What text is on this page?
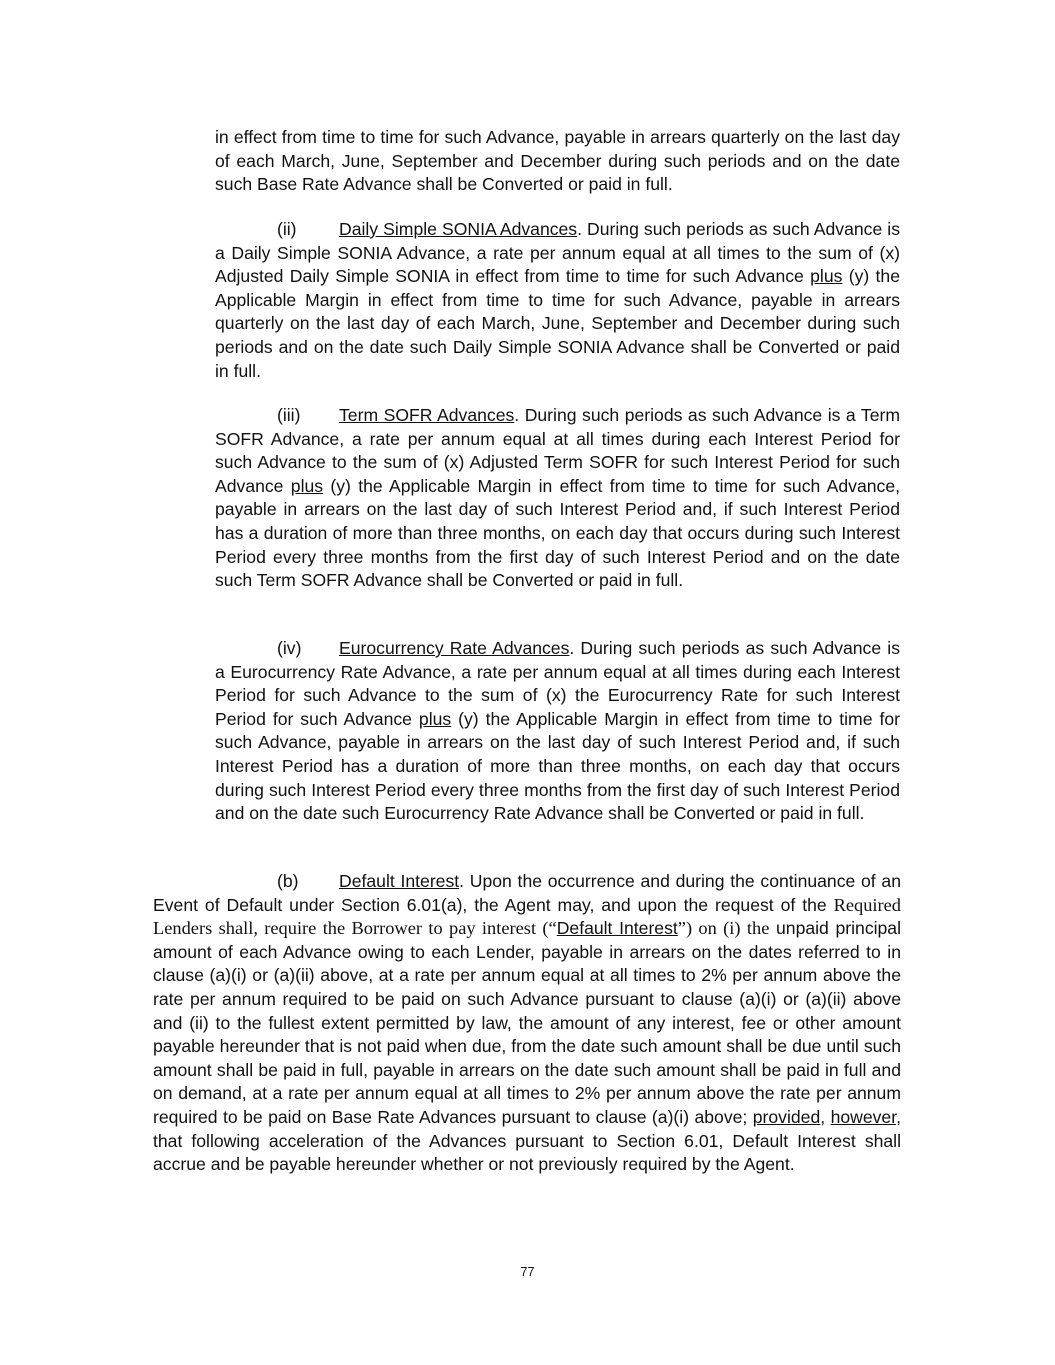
in effect from time to time for such Advance, payable in arrears quarterly on the last day of each March, June, September and December during such periods and on the date such Base Rate Advance shall be Converted or paid in full.

(ii) Daily Simple SONIA Advances. During such periods as such Advance is a Daily Simple SONIA Advance, a rate per annum equal at all times to the sum of (x) Adjusted Daily Simple SONIA in effect from time to time for such Advance plus (y) the Applicable Margin in effect from time to time for such Advance, payable in arrears quarterly on the last day of each March, June, September and December during such periods and on the date such Daily Simple SONIA Advance shall be Converted or paid in full.

(iii) Term SOFR Advances. During such periods as such Advance is a Term SOFR Advance, a rate per annum equal at all times during each Interest Period for such Advance to the sum of (x) Adjusted Term SOFR for such Interest Period for such Advance plus (y) the Applicable Margin in effect from time to time for such Advance, payable in arrears on the last day of such Interest Period and, if such Interest Period has a duration of more than three months, on each day that occurs during such Interest Period every three months from the first day of such Interest Period and on the date such Term SOFR Advance shall be Converted or paid in full.

(iv) Eurocurrency Rate Advances. During such periods as such Advance is a Eurocurrency Rate Advance, a rate per annum equal at all times during each Interest Period for such Advance to the sum of (x) the Eurocurrency Rate for such Interest Period for such Advance plus (y) the Applicable Margin in effect from time to time for such Advance, payable in arrears on the last day of such Interest Period and, if such Interest Period has a duration of more than three months, on each day that occurs during such Interest Period every three months from the first day of such Interest Period and on the date such Eurocurrency Rate Advance shall be Converted or paid in full.

(b) Default Interest. Upon the occurrence and during the continuance of an Event of Default under Section 6.01(a), the Agent may, and upon the request of the Required Lenders shall, require the Borrower to pay interest (“Default Interest”) on (i) the unpaid principal amount of each Advance owing to each Lender, payable in arrears on the dates referred to in clause (a)(i) or (a)(ii) above, at a rate per annum equal at all times to 2% per annum above the rate per annum required to be paid on such Advance pursuant to clause (a)(i) or (a)(ii) above and (ii) to the fullest extent permitted by law, the amount of any interest, fee or other amount payable hereunder that is not paid when due, from the date such amount shall be due until such amount shall be paid in full, payable in arrears on the date such amount shall be paid in full and on demand, at a rate per annum equal at all times to 2% per annum above the rate per annum required to be paid on Base Rate Advances pursuant to clause (a)(i) above; provided, however, that following acceleration of the Advances pursuant to Section 6.01, Default Interest shall accrue and be payable hereunder whether or not previously required by the Agent.

77
